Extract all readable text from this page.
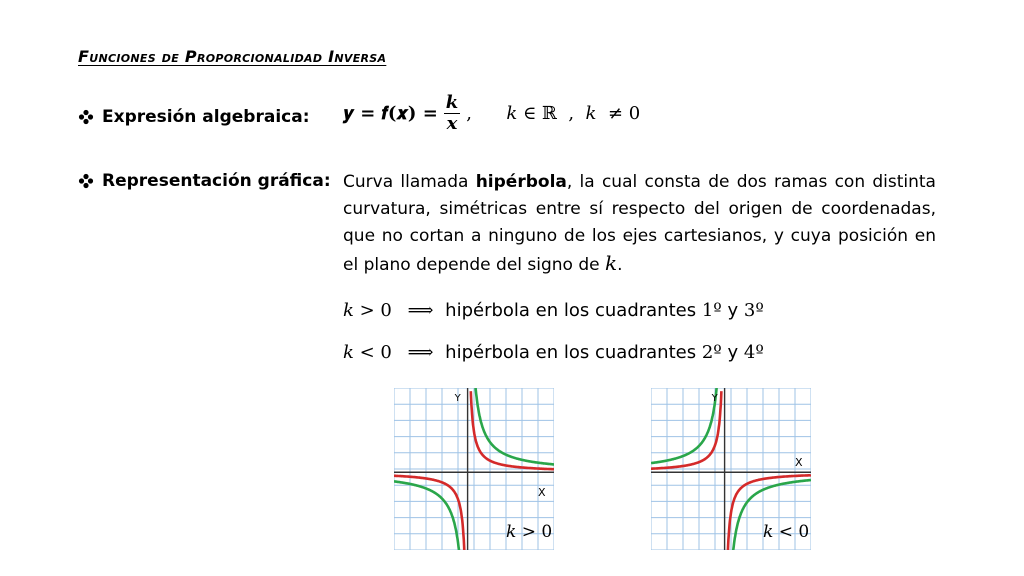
Funciones de Proporcionalidad Inversa
Expresión algebraica: 𝒚 = 𝒇(𝒙) = $\frac{k}{x}$ ,      𝑘 ∈ ℝ  ,  𝑘  ≠ 0
Representación gráfica: Curva llamada hipérbola, la cual consta de dos ramas con distinta curvatura, simétricas entre sí respecto del origen de coordenadas, que no cortan a ninguno de los ejes cartesianos, y cuya posición en el plano depende del signo de 𝑘.
𝑘 > 0 ⟹ hipérbola en los cuadrantes 1º y 3º
𝑘 < 0 ⟹ hipérbola en los cuadrantes 2º y 4º
Y
X
𝑘 > 0
Y
X
𝑘 < 0
